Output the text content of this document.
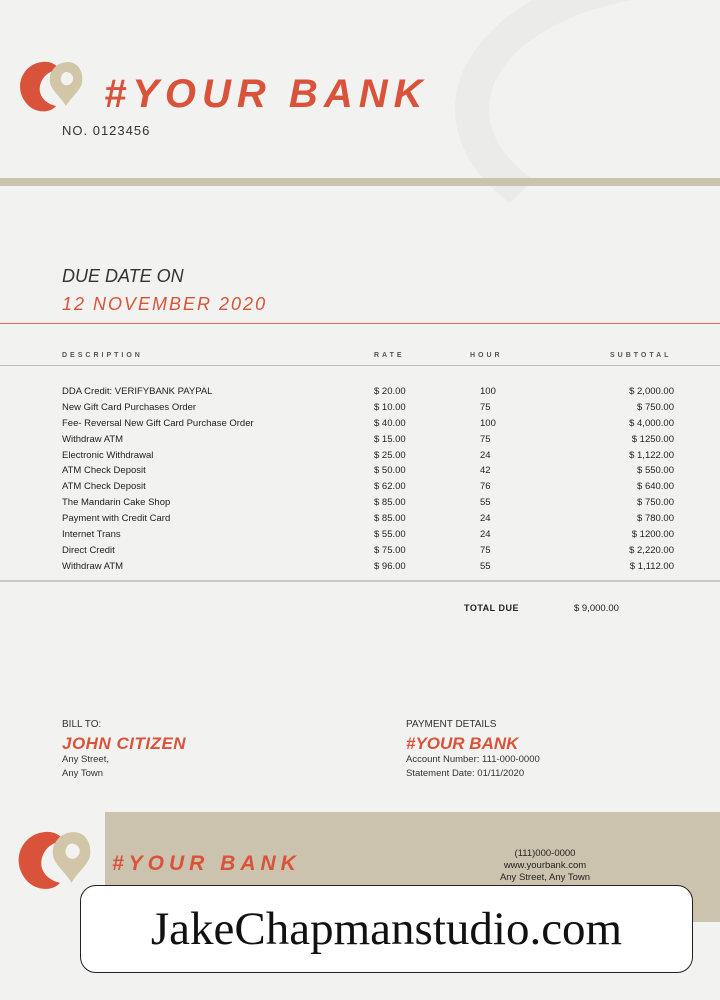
#YOUR BANK
NO. 0123456
DUE DATE ON
12 NOVEMBER 2020
DESCRIPTION	RATE	HOUR	SUBTOTAL
DDA Credit: VERIFYBANK PAYPAL	$ 20.00	100	$ 2,000.00
New Gift Card Purchases Order	$ 10.00	75	$ 750.00
Fee- Reversal New Gift Card Purchase Order	$ 40.00	100	$ 4,000.00
Withdraw ATM	$ 15.00	75	$ 1250.00
Electronic Withdrawal	$ 25.00	24	$ 1,122.00
ATM Check Deposit	$ 50.00	42	$ 550.00
ATM Check Deposit	$ 62.00	76	$ 640.00
The Mandarin Cake Shop	$ 85.00	55	$ 750.00
Payment with Credit Card	$ 85.00	24	$ 780.00
Internet Trans	$ 55.00	24	$ 1200.00
Direct Credit	$ 75.00	75	$ 2,220.00
Withdraw ATM	$ 96.00	55	$ 1,112.00
TOTAL DUE	$ 9,000.00
BILL TO:
JOHN CITIZEN
Any Street,
Any Town
PAYMENT DETAILS
#YOUR BANK
Account Number: 111-000-0000
Statement Date: 01/11/2020
#YOUR BANK	(111)000-0000
www.yourbank.com
Any Street, Any Town
JakeChapmanstudio.com
